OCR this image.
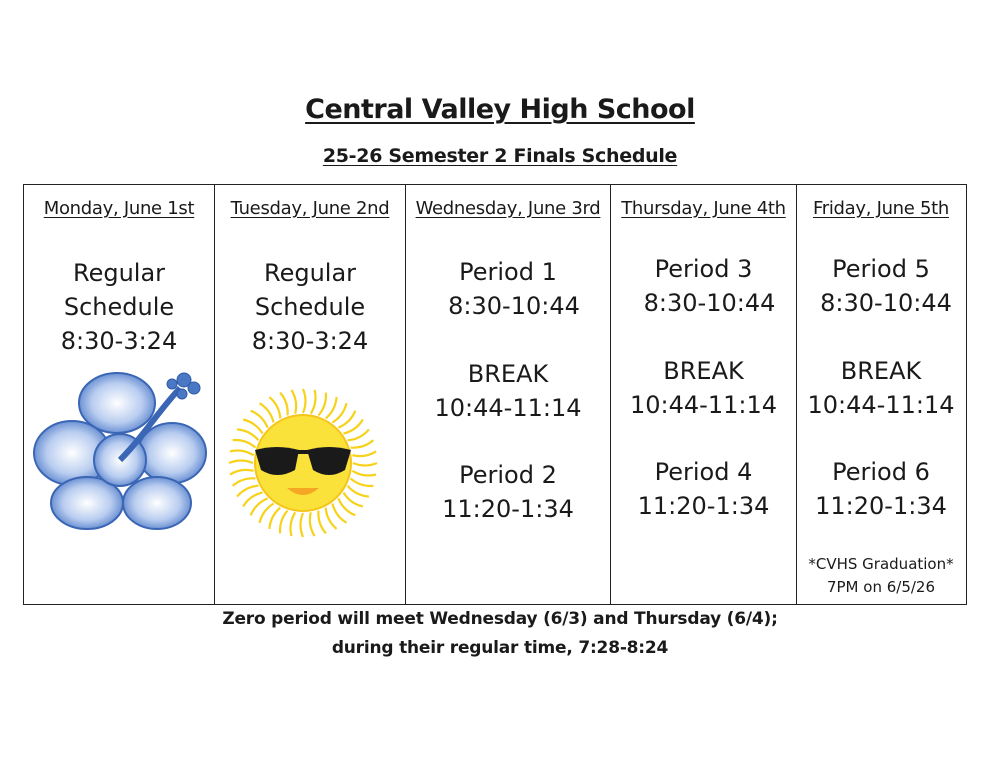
Central Valley High School
25-26 Semester 2 Finals Schedule
Monday, June 1st
Regular
Schedule
8:30-3:24
Tuesday, June 2nd
Regular
Schedule
8:30-3:24
Wednesday, June 3rd
Period 1
8:30-10:44
BREAK
10:44-11:14
Period 2
11:20-1:34
Thursday, June 4th
Period 3
8:30-10:44
BREAK
10:44-11:14
Period 4
11:20-1:34
Friday, June 5th
Period 5
8:30-10:44
BREAK
10:44-11:14
Period 6
11:20-1:34
*CVHS Graduation*
7PM on 6/5/26
Zero period will meet Wednesday (6/3) and Thursday (6/4);
during their regular time, 7:28-8:24
